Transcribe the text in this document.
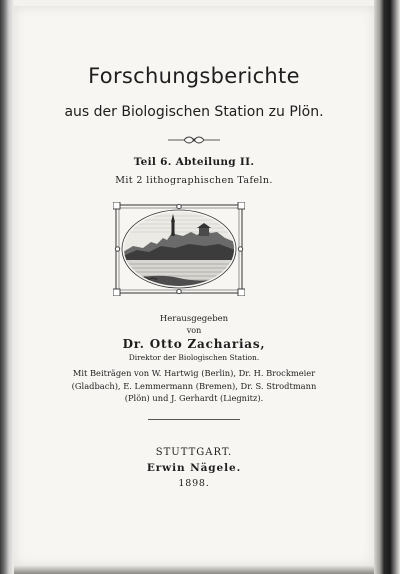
Forschungsberichte
aus der Biologischen Station zu Plön.
Teil 6. Abteilung II.
Mit 2 lithographischen Tafeln.
Herausgegeben
von
Dr. Otto Zacharias,
Direktor der Biologischen Station.
Mit Beiträgen von W. Hartwig (Berlin), Dr. H. Brockmeier
(Gladbach), E. Lemmermann (Bremen), Dr. S. Strodtmann
(Plön) und J. Gerhardt (Liegnitz).
STUTTGART.
Erwin Nägele.
1898.
